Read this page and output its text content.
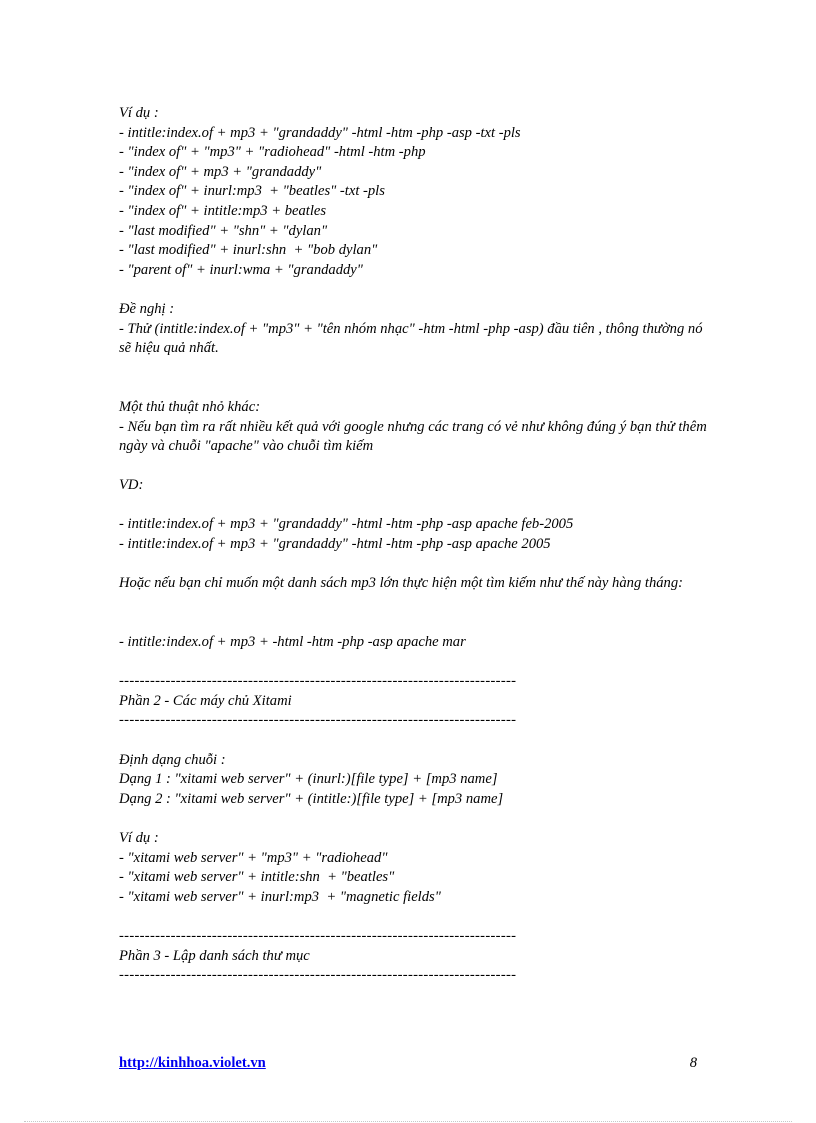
Ví dụ :
- intitle:index.of + mp3 + "grandaddy" -html -htm -php -asp -txt -pls
- "index of" + "mp3" + "radiohead" -html -htm -php
- "index of" + mp3 + "grandaddy"
- "index of" + inurl:mp3  + "beatles" -txt -pls
- "index of" + intitle:mp3 + beatles
- "last modified" + "shn" + "dylan"
- "last modified" + inurl:shn  + "bob dylan"
- "parent of" + inurl:wma + "grandaddy"
Đề nghị :
- Thử (intitle:index.of + "mp3" + "tên nhóm nhạc" -htm -html -php -asp) đầu tiên , thông thường nó sẽ hiệu quả nhất.
Một thủ thuật nhỏ khác:
- Nếu bạn tìm ra rất nhiều kết quả với google nhưng các trang có vẻ như không đúng ý bạn thử thêm ngày và chuỗi "apache" vào chuỗi tìm kiếm
VD:
- intitle:index.of + mp3 + "grandaddy" -html -htm -php -asp apache feb-2005
- intitle:index.of + mp3 + "grandaddy" -html -htm -php -asp apache 2005
Hoặc nếu bạn chỉ muốn một danh sách mp3 lớn thực hiện một tìm kiếm như thế này hàng tháng:
- intitle:index.of + mp3 + -html -htm -php -asp apache mar
-----------------------------------------------------------------------------
Phần 2 - Các máy chủ Xitami
-----------------------------------------------------------------------------
Định dạng chuỗi :
Dạng 1 : "xitami web server" + (inurl:)[file type] + [mp3 name]
Dạng 2 : "xitami web server" + (intitle:)[file type] + [mp3 name]
Ví dụ :
- "xitami web server" + "mp3" + "radiohead"
- "xitami web server" + intitle:shn  + "beatles"
- "xitami web server" + inurl:mp3  + "magnetic fields"
-----------------------------------------------------------------------------
Phần 3 - Lập danh sách thư mục
-----------------------------------------------------------------------------
http://kinhhoa.violet.vn	8
